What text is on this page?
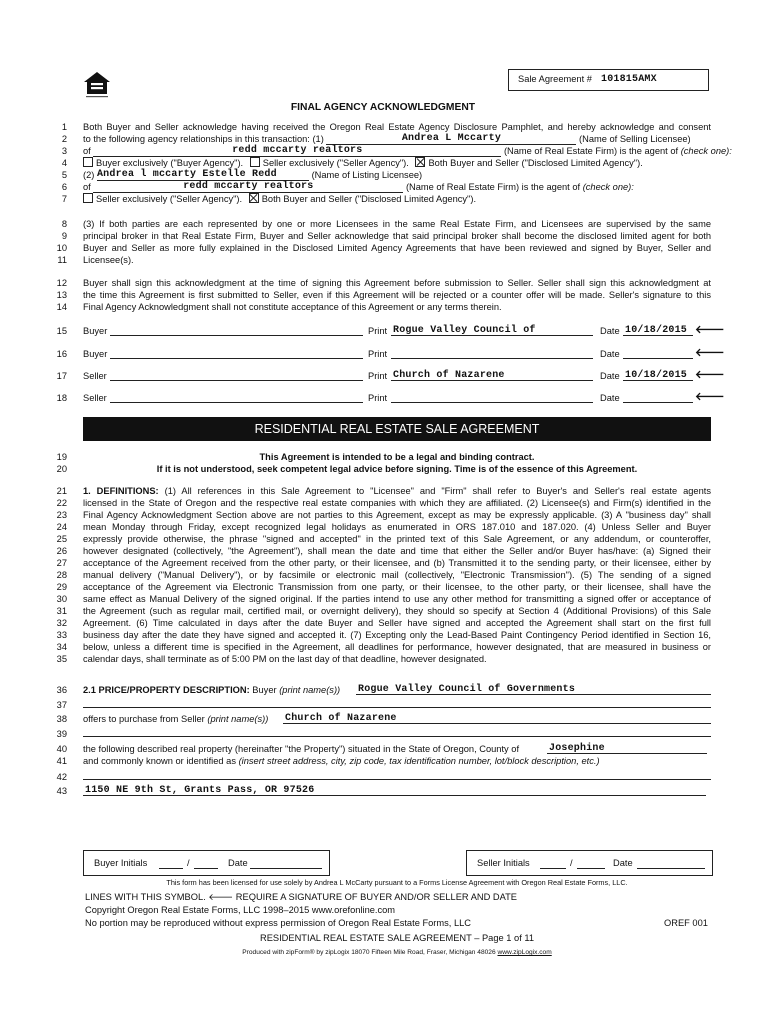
Sale Agreement # 101815AMX
FINAL AGENCY ACKNOWLEDGMENT
1 Both Buyer and Seller acknowledge having received the Oregon Real Estate Agency Disclosure Pamphlet, and hereby acknowledge and consent
2 to the following agency relationships in this transaction: (1)	Andrea L Mccarty	(Name of Selling Licensee)
3 of	redd mccarty realtors	(Name of Real Estate Firm) is the agent of (check one):
4	Buyer exclusively ("Buyer Agency"). Seller exclusively ("Seller Agency"). Both Buyer and Seller ("Disclosed Limited Agency").
5 (2) Andrea l mccarty Estelle Redd	(Name of Listing Licensee)
6 of	redd mccarty realtors	(Name of Real Estate Firm) is the agent of (check one):
7	Seller exclusively ("Seller Agency"). Both Buyer and Seller ("Disclosed Limited Agency").
8 (3) If both parties are each represented by one or more Licensees in the same Real Estate Firm, and Licensees are supervised by the same
9 principal broker in that Real Estate Firm, Buyer and Seller acknowledge that said principal broker shall become the disclosed limited agent for both
10 Buyer and Seller as more fully explained in the Disclosed Limited Agency Agreements that have been reviewed and signed by Buyer, Seller and
11 Licensee(s).
12 Buyer shall sign this acknowledgment at the time of signing this Agreement before submission to Seller. Seller shall sign this acknowledgment at
13 the time this Agreement is first submitted to Seller, even if this Agreement will be rejected or a counter offer will be made. Seller's signature to this
14 Final Agency Acknowledgment shall not constitute acceptance of this Agreement or any terms therein.
15 Buyer	Print Rogue Valley Council of	Date 10/18/2015 🡐
16 Buyer	Print	Date	🡐
17 Seller	Print Church of Nazarene	Date 10/18/2015 🡐
18 Seller	Print	Date	🡐
RESIDENTIAL REAL ESTATE SALE AGREEMENT
19	This Agreement is intended to be a legal and binding contract.
20	If it is not understood, seek competent legal advice before signing. Time is of the essence of this Agreement.
21 1. DEFINITIONS: (1) All references in this Sale Agreement to "Licensee" and "Firm" shall refer to Buyer's and Seller's real estate agents
22 licensed in the State of Oregon and the respective real estate companies with which they are affiliated. (2) Licensee(s) and Firm(s) identified in the
23 Final Agency Acknowledgment Section above are not parties to this Agreement, except as may be expressly applicable. (3) A "business day" shall
24 mean Monday through Friday, except recognized legal holidays as enumerated in ORS 187.010 and 187.020. (4) Unless Seller and Buyer
25 expressly provide otherwise, the phrase "signed and accepted" in the printed text of this Sale Agreement, or any addendum, or counteroffer,
26 however designated (collectively, "the Agreement"), shall mean the date and time that either the Seller and/or Buyer has/have: (a) Signed their
27 acceptance of the Agreement received from the other party, or their licensee, and (b) Transmitted it to the sending party, or their licensee, either by
28 manual delivery ("Manual Delivery"), or by facsimile or electronic mail (collectively, "Electronic Transmission"). (5) The sending of a signed
29 acceptance of the Agreement via Electronic Transmission from one party, or their licensee, to the other party, or their licensee, shall have the
30 same effect as Manual Delivery of the signed original. If the parties intend to use any other method for transmitting a signed offer or acceptance of
31 the Agreement (such as regular mail, certified mail, or overnight delivery), they should so specify at Section 4 (Additional Provisions) of this Sale
32 Agreement. (6) Time calculated in days after the date Buyer and Seller have signed and accepted the Agreement shall start on the first full
33 business day after the date they have signed and accepted it. (7) Excepting only the Lead-Based Paint Contingency Period identified in Section 16,
34 below, unless a different time is specified in the Agreement, all deadlines for performance, however designated, that are measured in business or
35 calendar days, shall terminate as of 5:00 PM on the last day of that deadline, however designated.
36 2.1 PRICE/PROPERTY DESCRIPTION: Buyer (print name(s))	Rogue Valley Council of Governments
37
38 offers to purchase from Seller (print name(s))	Church of Nazarene
39
40 the following described real property (hereinafter "the Property") situated in the State of Oregon, County of	Josephine
41 and commonly known or identified as (insert street address, city, zip code, tax identification number, lot/block description, etc.)
42
43 1150 NE 9th St, Grants Pass, OR 97526
Buyer Initials	/	Date	Seller Initials	/	Date
This form has been licensed for use solely by Andrea L McCarty pursuant to a Forms License Agreement with Oregon Real Estate Forms, LLC.
LINES WITH THIS SYMBOL. 🡐 REQUIRE A SIGNATURE OF BUYER AND/OR SELLER AND DATE
Copyright Oregon Real Estate Forms, LLC 1998–2015 www.orefonline.com
No portion may be reproduced without express permission of Oregon Real Estate Forms, LLC	OREF 001
RESIDENTIAL REAL ESTATE SALE AGREEMENT – Page 1 of 11
Produced with zipForm® by zipLogix 18070 Fifteen Mile Road, Fraser, Michigan 48026 www.zipLogix.com
